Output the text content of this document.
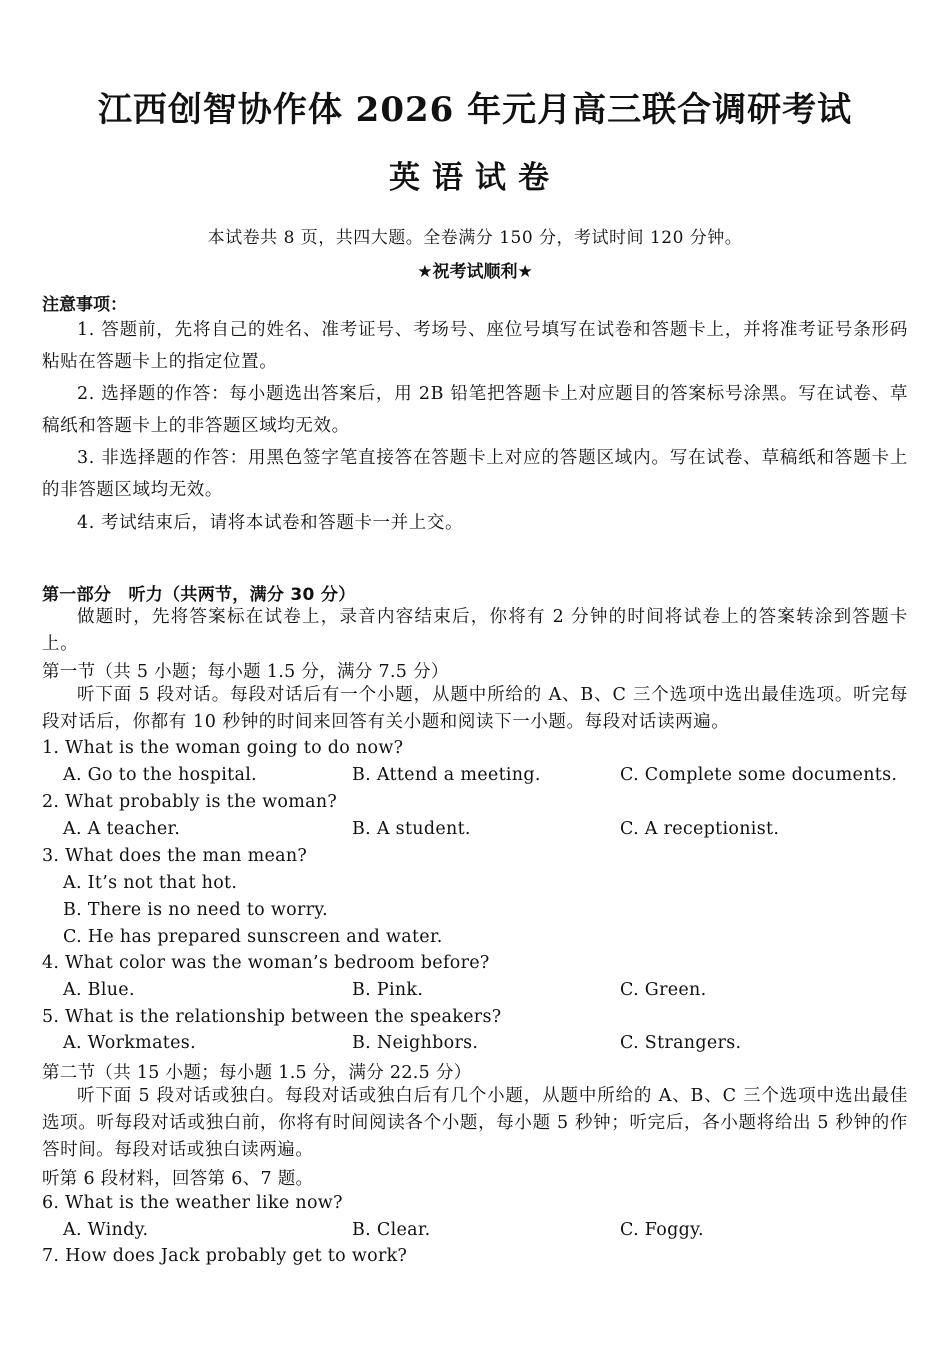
江西创智协作体 2026 年元月高三联合调研考试
英语试卷
本试卷共 8 页，共四大题。全卷满分 150 分，考试时间 120 分钟。
★祝考试顺利★
注意事项：
1. 答题前，先将自己的姓名、准考证号、考场号、座位号填写在试卷和答题卡上，并将准考证号条形码粘贴在答题卡上的指定位置。
2. 选择题的作答：每小题选出答案后，用 2B 铅笔把答题卡上对应题目的答案标号涂黑。写在试卷、草稿纸和答题卡上的非答题区域均无效。
3. 非选择题的作答：用黑色签字笔直接答在答题卡上对应的答题区域内。写在试卷、草稿纸和答题卡上的非答题区域均无效。
4. 考试结束后，请将本试卷和答题卡一并上交。
第一部分　听力（共两节，满分 30 分）
做题时，先将答案标在试卷上，录音内容结束后，你将有 2 分钟的时间将试卷上的答案转涂到答题卡上。
第一节（共 5 小题；每小题 1.5 分，满分 7.5 分）
听下面 5 段对话。每段对话后有一个小题，从题中所给的 A、B、C 三个选项中选出最佳选项。听完每段对话后，你都有 10 秒钟的时间来回答有关小题和阅读下一小题。每段对话读两遍。
1. What is the woman going to do now?
A. Go to the hospital.	B. Attend a meeting.	C. Complete some documents.
2. What probably is the woman?
A. A teacher.	B. A student.	C. A receptionist.
3. What does the man mean?
A. It’s not that hot.
B. There is no need to worry.
C. He has prepared sunscreen and water.
4. What color was the woman’s bedroom before?
A. Blue.	B. Pink.	C. Green.
5. What is the relationship between the speakers?
A. Workmates.	B. Neighbors.	C. Strangers.
第二节（共 15 小题；每小题 1.5 分，满分 22.5 分）
听下面 5 段对话或独白。每段对话或独白后有几个小题，从题中所给的 A、B、C 三个选项中选出最佳选项。听每段对话或独白前，你将有时间阅读各个小题，每小题 5 秒钟；听完后，各小题将给出 5 秒钟的作答时间。每段对话或独白读两遍。
听第 6 段材料，回答第 6、7 题。
6. What is the weather like now?
A. Windy.	B. Clear.	C. Foggy.
7. How does Jack probably get to work?
